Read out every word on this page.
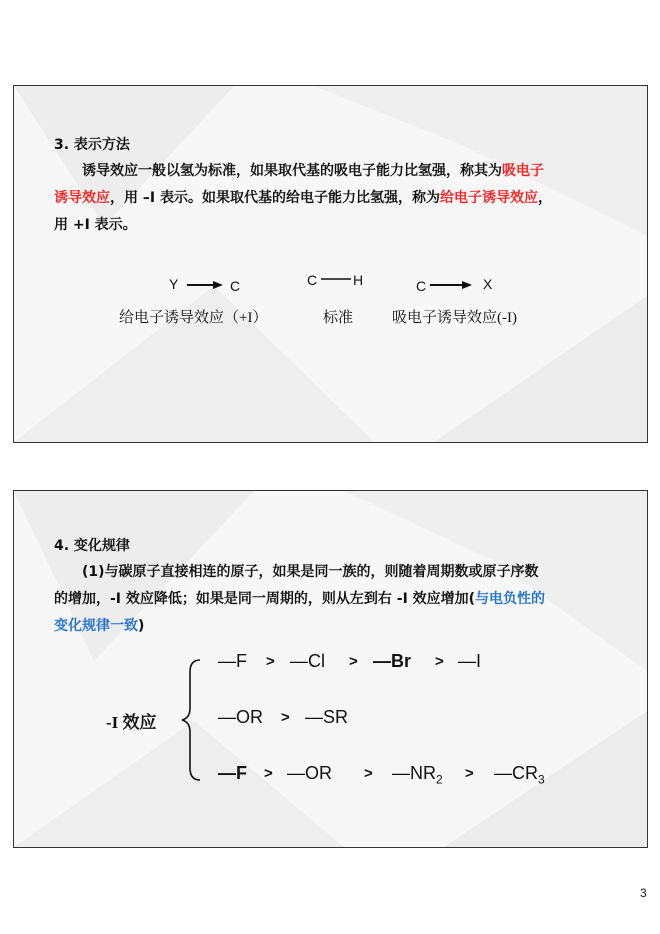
3. 表示方法
诱导效应一般以氢为标准，如果取代基的吸电子能力比氢强，称其为吸电子
诱导效应，用 –I 表示。如果取代基的给电子能力比氢强，称为给电子诱导效应，
用 +I 表示。
Y	C	C	H	C	X
给电子诱导效应（+I）	标准	吸电子诱导效应(-I)
4. 变化规律
(1)与碳原子直接相连的原子，如果是同一族的，则随着周期数或原子序数
的增加，-I 效应降低；如果是同一周期的，则从左到右 -I 效应增加(与电负性的
变化规律一致)
-I 效应
—F > —Cl > —Br > —I
—OR > —SR
—F > —OR > $—NR_2$ > $—CR_3$
3
